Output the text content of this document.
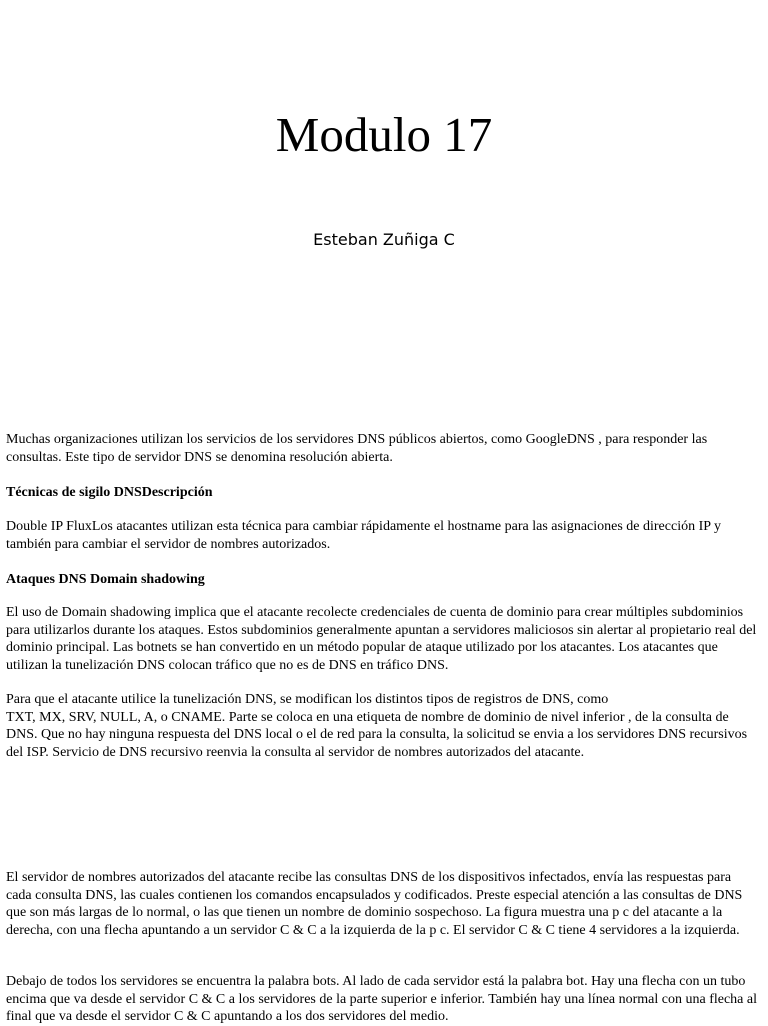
Modulo 17

Esteban Zuñiga C

Muchas organizaciones utilizan los servicios de los servidores DNS públicos abiertos, como GoogleDNS , para responder las consultas. Este tipo de servidor DNS se denomina resolución abierta.

Técnicas de sigilo DNSDescripción

Double IP FluxLos atacantes utilizan esta técnica para cambiar rápidamente el hostname para las asignaciones de dirección IP y también para cambiar el servidor de nombres autorizados.

Ataques DNS Domain shadowing

El uso de Domain shadowing implica que el atacante recolecte credenciales de cuenta de dominio para crear múltiples subdominios para utilizarlos durante los ataques. Estos subdominios generalmente apuntan a servidores maliciosos sin alertar al propietario real del dominio principal. Las botnets se han convertido en un método popular de ataque utilizado por los atacantes. Los atacantes que utilizan la tunelización DNS colocan tráfico que no es de DNS en tráfico DNS.

Para que el atacante utilice la tunelización DNS, se modifican los distintos tipos de registros de DNS, como
TXT, MX, SRV, NULL, A, o CNAME. Parte se coloca en una etiqueta de nombre de dominio de nivel inferior , de la consulta de DNS. Que no hay ninguna respuesta del DNS local o el de red para la consulta, la solicitud se envia a los servidores DNS recursivos del ISP. Servicio de DNS recursivo reenvia la consulta al servidor de nombres autorizados del atacante.

El servidor de nombres autorizados del atacante recibe las consultas DNS de los dispositivos infectados, envía las respuestas para cada consulta DNS, las cuales contienen los comandos encapsulados y codificados. Preste especial atención a las consultas de DNS que son más largas de lo normal, o las que tienen un nombre de dominio sospechoso. La figura muestra una p c del atacante a la derecha, con una flecha apuntando a un servidor C & C a la izquierda de la p c. El servidor C & C tiene 4 servidores a la izquierda.

Debajo de todos los servidores se encuentra la palabra bots. Al lado de cada servidor está la palabra bot. Hay una flecha con un tubo encima que va desde el servidor C & C a los servidores de la parte superior e inferior. También hay una línea normal con una flecha al final que va desde el servidor C & C apuntando a los dos servidores del medio.
